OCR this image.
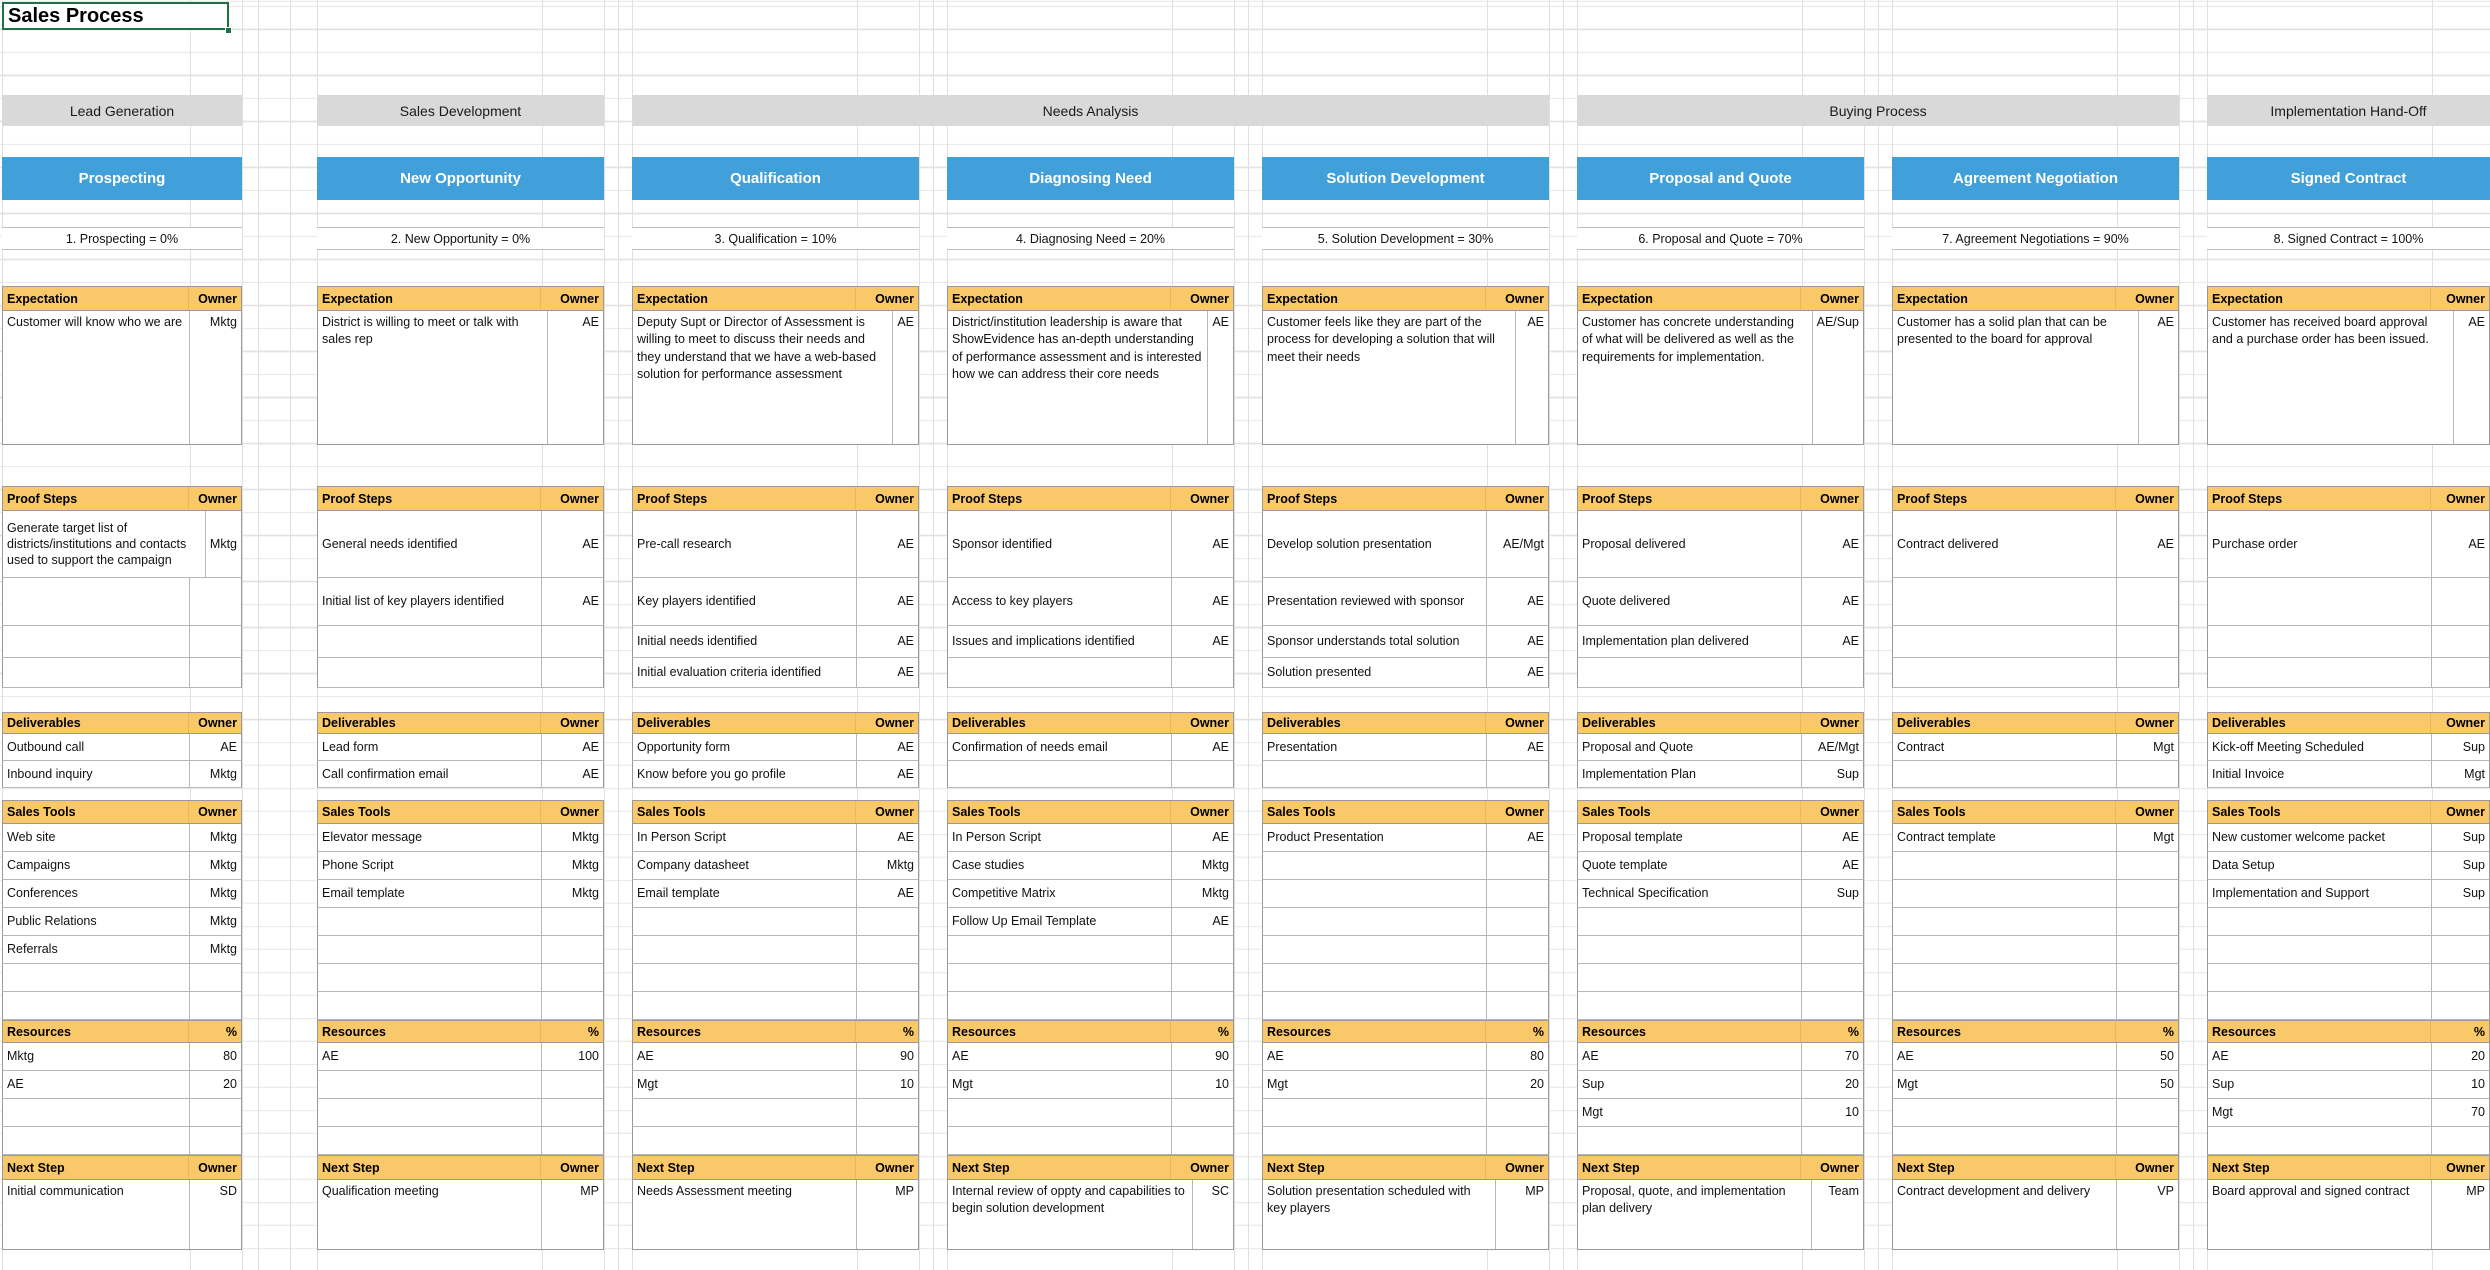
Sales Process
Lead Generation	Sales Development	Needs Analysis	Buying Process	Implementation Hand-Off
Prospecting
1. Prospecting = 0%
Expectation	Owner
Customer will know who we are	Mktg
Proof Steps	Owner
Generate target list of districts/institutions and contacts used to support the campaign
Mktg
Deliverables	Owner
Outbound call	AE
Inbound inquiry	Mktg
Sales Tools	Owner
Web site	Mktg
Campaigns	Mktg
Conferences	Mktg
Public Relations	Mktg
Referrals	Mktg
Resources	%
Mktg	80
AE	20
Next Step	Owner
Initial communication	SD
New Opportunity
2. New Opportunity = 0%
Expectation	Owner
District is willing to meet or talk with sales rep
AE
Proof Steps	Owner
General needs identified	AE
Initial list of key players identified	AE
Deliverables	Owner
Lead form	AE
Call confirmation email	AE
Sales Tools	Owner
Elevator message	Mktg
Phone Script	Mktg
Email template	Mktg
Resources	%
AE	100
Next Step	Owner
Qualification meeting	MP
Qualification
3. Qualification = 10%
Expectation	Owner
Deputy Supt or Director of Assessment is willing to meet to discuss their needs and they understand that we have a web-based solution for performance assessment
AE
Proof Steps	Owner
Pre-call research	AE
Key players identified	AE
Initial needs identified	AE
Initial evaluation criteria identified	AE
Deliverables	Owner
Opportunity form	AE
Know before you go profile	AE
Sales Tools	Owner
In Person Script	AE
Company datasheet	Mktg
Email template	AE
Resources	%
AE	90
Mgt	10
Next Step	Owner
Needs Assessment meeting	MP
Diagnosing Need
4. Diagnosing Need = 20%
Expectation	Owner
District/institution leadership is aware that ShowEvidence has an-depth understanding of performance assessment and is interested how we can address their core needs
AE
Proof Steps	Owner
Sponsor identified	AE
Access to key players	AE
Issues and implications identified	AE
Deliverables	Owner
Confirmation of needs email	AE
Sales Tools	Owner
In Person Script	AE
Case studies	Mktg
Competitive Matrix	Mktg
Follow Up Email Template	AE
Resources	%
AE	90
Mgt	10
Next Step	Owner
Internal review of oppty and capabilities to begin solution development
SC
Solution Development
5. Solution Development = 30%
Expectation	Owner
Customer feels like they are part of the process for developing a solution that will meet their needs
AE
Proof Steps	Owner
Develop solution presentation	AE/Mgt
Presentation reviewed with sponsor	AE
Sponsor understands total solution	AE
Solution presented	AE
Deliverables	Owner
Presentation	AE
Sales Tools	Owner
Product Presentation	AE
Resources	%
AE	80
Mgt	20
Next Step	Owner
Solution presentation scheduled with key players
MP
Proposal and Quote
6. Proposal and Quote = 70%
Expectation	Owner
Customer has concrete understanding of what will be delivered as well as the requirements for implementation.
AE/Sup
Proof Steps	Owner
Proposal delivered	AE
Quote delivered	AE
Implementation plan delivered	AE
Deliverables	Owner
Proposal and Quote	AE/Mgt
Implementation Plan	Sup
Sales Tools	Owner
Proposal template	AE
Quote template	AE
Technical Specification	Sup
Resources	%
AE	70
Sup	20
Mgt	10
Next Step	Owner
Proposal, quote, and implementation plan delivery
Team
Agreement Negotiation
7. Agreement Negotiations = 90%
Expectation	Owner
Customer has a solid plan that can be presented to the board for approval
AE
Proof Steps	Owner
Contract delivered	AE
Deliverables	Owner
Contract	Mgt
Sales Tools	Owner
Contract template	Mgt
Resources	%
AE	50
Mgt	50
Next Step	Owner
Contract development and delivery	VP
Signed Contract
8. Signed Contract = 100%
Expectation	Owner
Customer has received board approval and a purchase order has been issued.
AE
Proof Steps	Owner
Purchase order	AE
Deliverables	Owner
Kick-off Meeting Scheduled	Sup
Initial Invoice	Mgt
Sales Tools	Owner
New customer welcome packet	Sup
Data Setup	Sup
Implementation and Support	Sup
Resources	%
AE	20
Sup	10
Mgt	70
Next Step	Owner
Board approval and signed contract	MP
